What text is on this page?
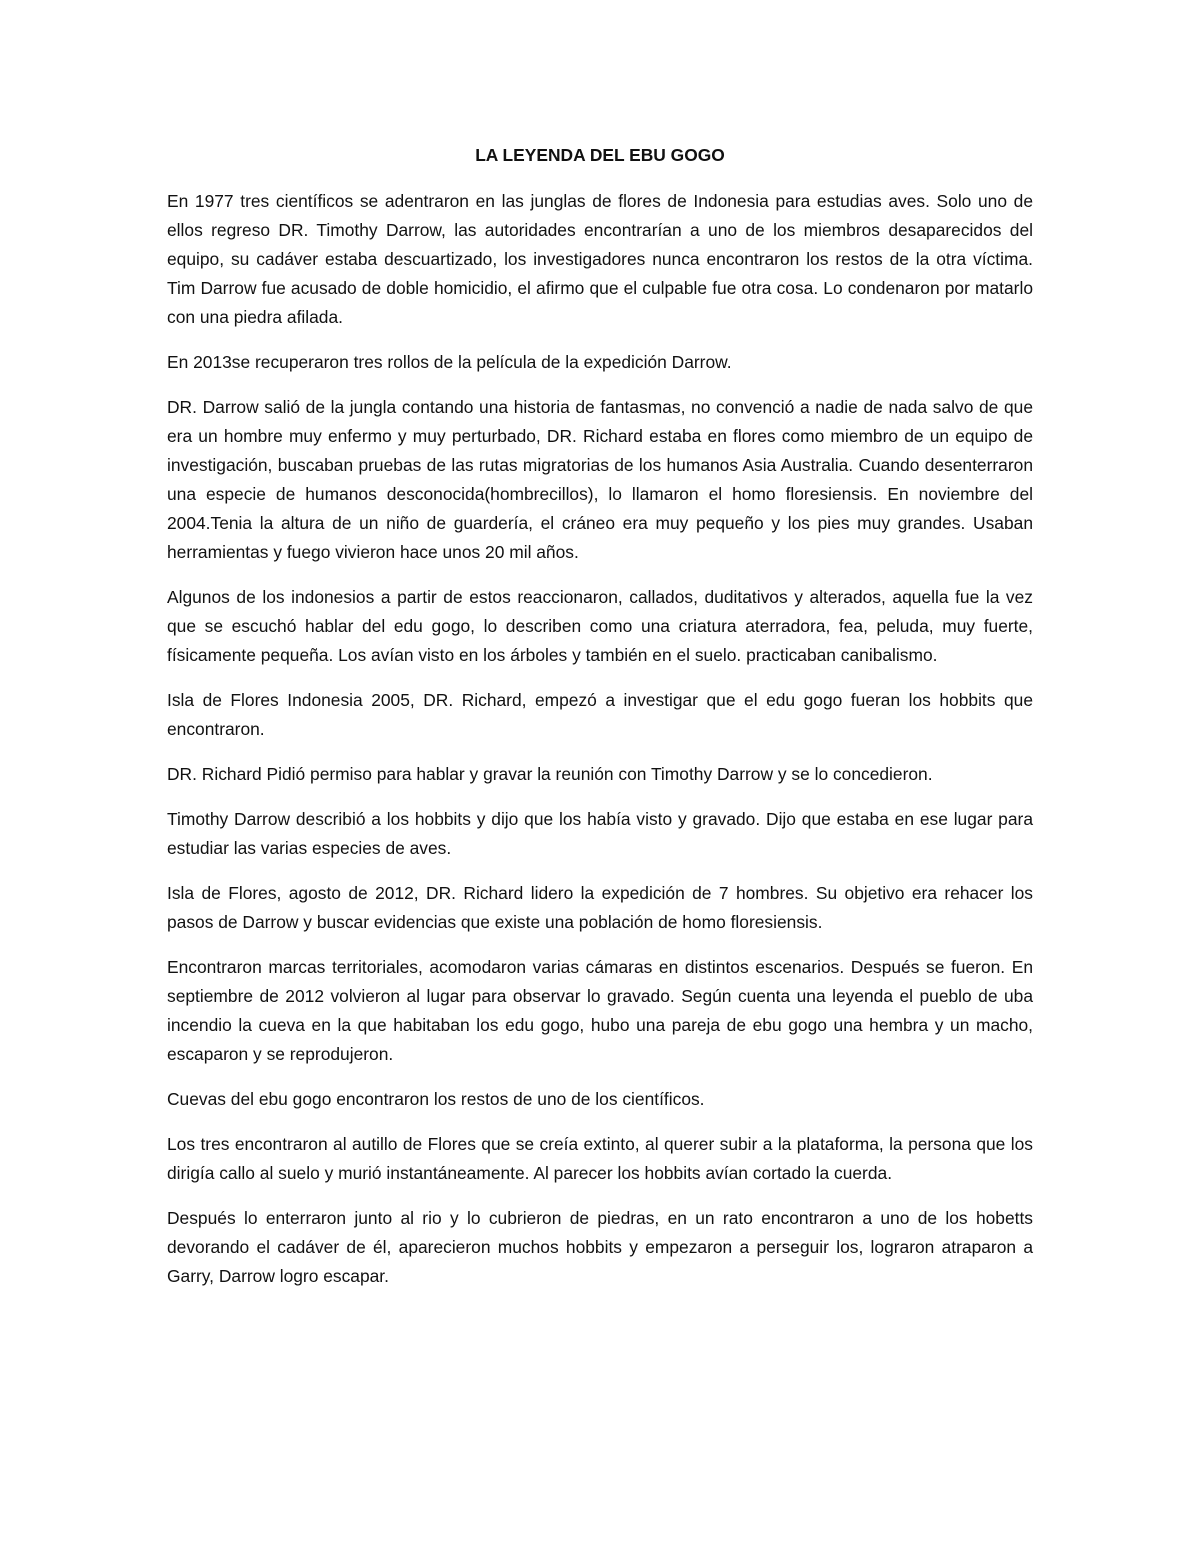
LA LEYENDA DEL EBU GOGO

En 1977 tres científicos se adentraron en las junglas de flores de Indonesia para estudias aves. Solo uno de ellos regreso DR. Timothy Darrow, las autoridades encontrarían a uno de los miembros desaparecidos del equipo, su cadáver estaba descuartizado, los investigadores nunca encontraron los restos de la otra víctima. Tim Darrow fue acusado de doble homicidio, el afirmo que el culpable fue otra cosa. Lo condenaron por matarlo con una piedra afilada.

En 2013se recuperaron tres rollos de la película de la expedición Darrow.

DR. Darrow salió de la jungla contando una historia de fantasmas, no convenció a nadie de nada salvo de que era un hombre muy enfermo y muy perturbado, DR. Richard estaba en flores como miembro de un equipo de investigación, buscaban pruebas de las rutas migratorias de los humanos Asia Australia. Cuando desenterraron una especie de humanos desconocida(hombrecillos), lo llamaron el homo floresiensis. En noviembre del 2004.Tenia la altura de un niño de guardería, el cráneo era muy pequeño y los pies muy grandes. Usaban herramientas y fuego vivieron hace unos 20 mil años.

Algunos de los indonesios a partir de estos reaccionaron, callados, duditativos y alterados, aquella fue la vez que se escuchó hablar del edu gogo, lo describen como una criatura aterradora, fea, peluda, muy fuerte, físicamente pequeña. Los avían visto en los árboles y también en el suelo. practicaban canibalismo.

Isla de Flores Indonesia 2005, DR. Richard, empezó a investigar que el edu gogo fueran los hobbits que encontraron.

DR. Richard Pidió permiso para hablar y gravar la reunión con Timothy Darrow y se lo concedieron.

Timothy Darrow describió a los hobbits y dijo que los había visto y gravado. Dijo que estaba en ese lugar para estudiar las varias especies de aves.

Isla de Flores, agosto de 2012, DR. Richard lidero la expedición de 7 hombres. Su objetivo era rehacer los pasos de Darrow y buscar evidencias que existe una población de homo floresiensis.

Encontraron marcas territoriales, acomodaron varias cámaras en distintos escenarios. Después se fueron. En septiembre de 2012 volvieron al lugar para observar lo gravado. Según cuenta una leyenda el pueblo de uba incendio la cueva en la que habitaban los edu gogo, hubo una pareja de ebu gogo una hembra y un macho, escaparon y se reprodujeron.

Cuevas del ebu gogo encontraron los restos de uno de los científicos.

Los tres encontraron al autillo de Flores que se creía extinto, al querer subir a la plataforma, la persona que los dirigía callo al suelo y murió instantáneamente. Al parecer los hobbits avían cortado la cuerda.

Después lo enterraron junto al rio y lo cubrieron de piedras, en un rato encontraron a uno de los hobetts devorando el cadáver de él, aparecieron muchos hobbits y empezaron a perseguir los, lograron atraparon a Garry, Darrow logro escapar.
